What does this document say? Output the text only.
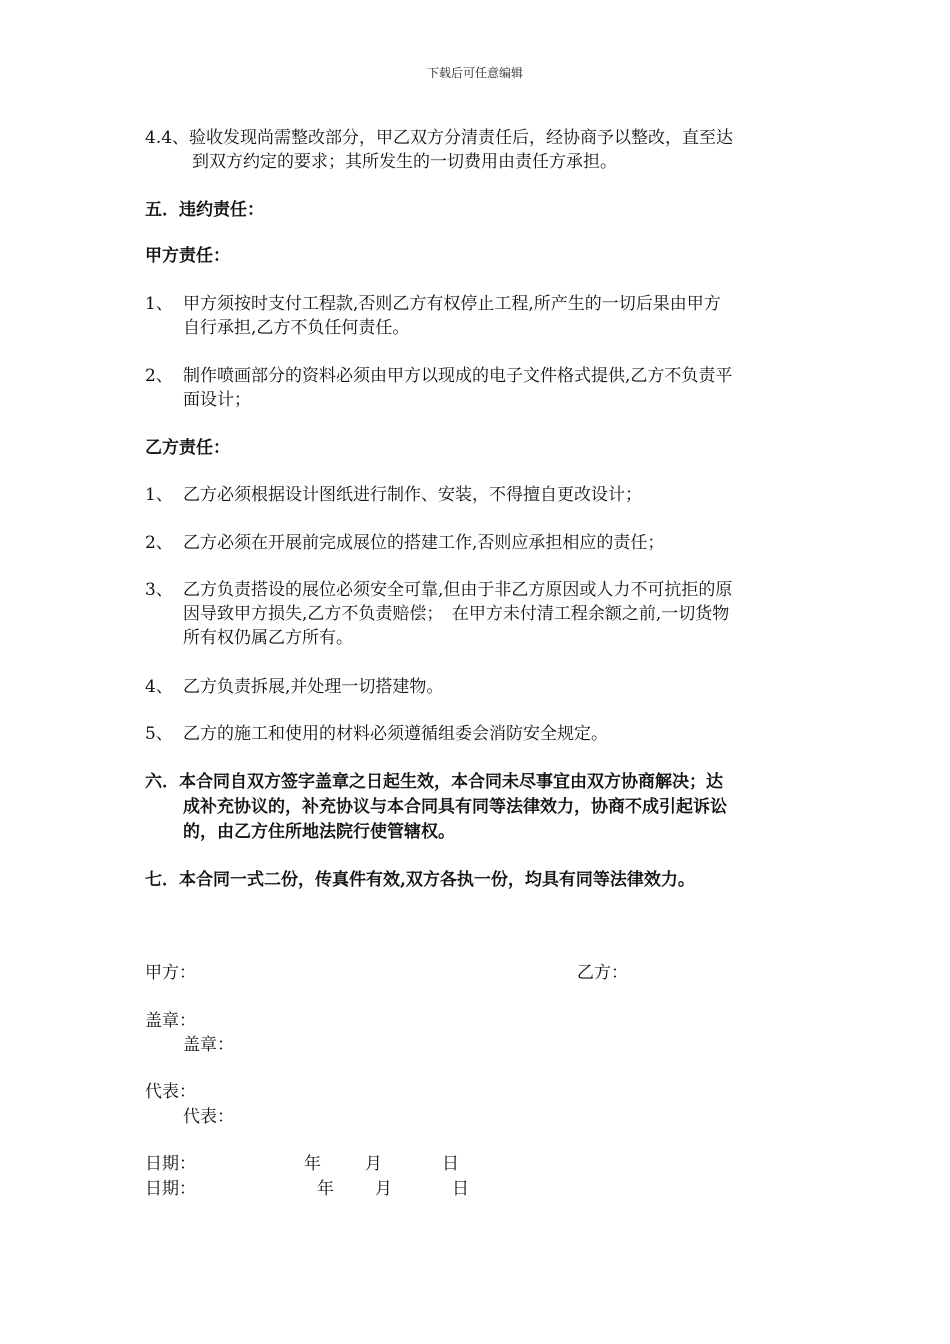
下载后可任意编辑
4.4、验收发现尚需整改部分，甲乙双方分清责任后，经协商予以整改，直至达
到双方约定的要求；其所发生的一切费用由责任方承担。
五．违约责任：
甲方责任：
1、 甲方须按时支付工程款,否则乙方有权停止工程,所产生的一切后果由甲方
自行承担,乙方不负任何责任。
2、 制作喷画部分的资料必须由甲方以现成的电子文件格式提供,乙方不负责平
面设计；
乙方责任：
1、 乙方必须根据设计图纸进行制作、安装，不得擅自更改设计；
2、 乙方必须在开展前完成展位的搭建工作,否则应承担相应的责任；
3、 乙方负责搭设的展位必须安全可靠,但由于非乙方原因或人力不可抗拒的原
因导致甲方损失,乙方不负责赔偿；　在甲方未付清工程余额之前,一切货物
所有权仍属乙方所有。
4、 乙方负责拆展,并处理一切搭建物。
5、 乙方的施工和使用的材料必须遵循组委会消防安全规定。
六．本合同自双方签字盖章之日起生效，本合同未尽事宜由双方协商解决；达
成补充协议的，补充协议与本合同具有同等法律效力，协商不成引起诉讼
的，由乙方住所地法院行使管辖权。
七．本合同一式二份，传真件有效,双方各执一份，均具有同等法律效力。
甲方：	乙方：
盖章：
盖章：
代表：
代表：
日期：	年	月	日
日期：	年 月	日
